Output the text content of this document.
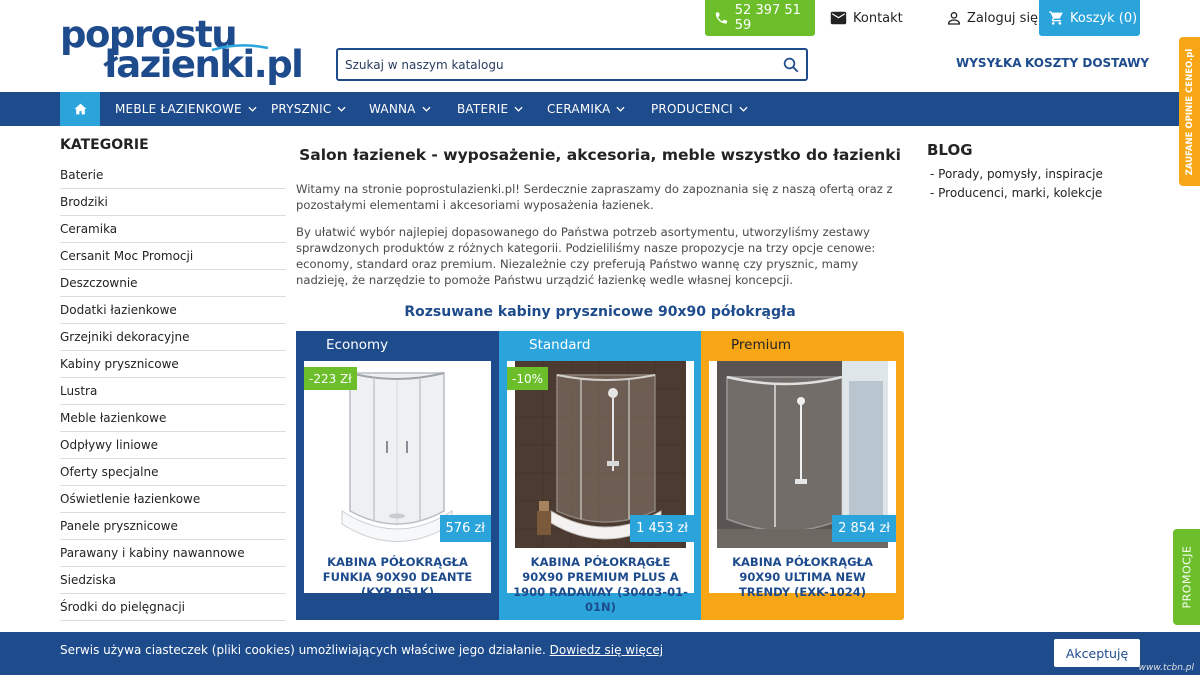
poprostu
łazienki.pl
52 397 51 59	Kontakt	Zaloguj się Koszyk (0)
Szukaj w naszym katalogu
WYSYŁKA KOSZTY DOSTAWY
MEBLE ŁAZIENKOWE PRYSZNIC	WANNA	BATERIE	CERAMIKA	PRODUCENCI
KATEGORIE
Baterie
Brodziki
Ceramika
Cersanit Moc Promocji
Deszczownie
Dodatki łazienkowe
Grzejniki dekoracyjne
Kabiny prysznicowe
Lustra
Meble łazienkowe
Odpływy liniowe
Oferty specjalne
Oświetlenie łazienkowe
Panele prysznicowe
Parawany i kabiny nawannowe
Siedziska
Środki do pielęgnacji
Salon łazienek - wyposażenie, akcesoria, meble wszystko do łazienki
Witamy na stronie poprostulazienki.pl! Serdecznie zapraszamy do zapoznania się z naszą ofertą oraz z pozostałymi elementami i akcesoriami wyposażenia łazienek.
By ułatwić wybór najlepiej dopasowanego do Państwa potrzeb asortymentu, utworzyliśmy zestawy sprawdzonych produktów z różnych kategorii. Podzieliliśmy nasze propozycje na trzy opcje cenowe: economy, standard oraz premium. Niezależnie czy preferują Państwo wannę czy prysznic, mamy nadzieję, że narzędzie to pomoże Państwu urządzić łazienkę wedle własnej koncepcji.
Rozsuwane kabiny prysznicowe 90x90 półokrągła
Economy
-223 Zł
576 zł
KABINA PÓŁOKRĄGŁA FUNKIA 90X90 DEANTE (KYP 051K)
Standard
-10%
1 453 zł
KABINA PÓŁOKRĄGŁE 90X90 PREMIUM PLUS A 1900 RADAWAY (30403-01-01N)
Premium
2 854 zł
KABINA PÓŁOKRĄGŁA 90X90 ULTIMA NEW TRENDY (EXK-1024)
BLOG
- Porady, pomysły, inspiracje
- Producenci, marki, kolekcje
ZAUFANE OPINIE CENEO.pl
PROMOCJE
Serwis używa ciasteczek (pliki cookies) umożliwiających właściwe jego działanie. Dowiedz się więcej	Akceptuję
www.tcbn.pl
